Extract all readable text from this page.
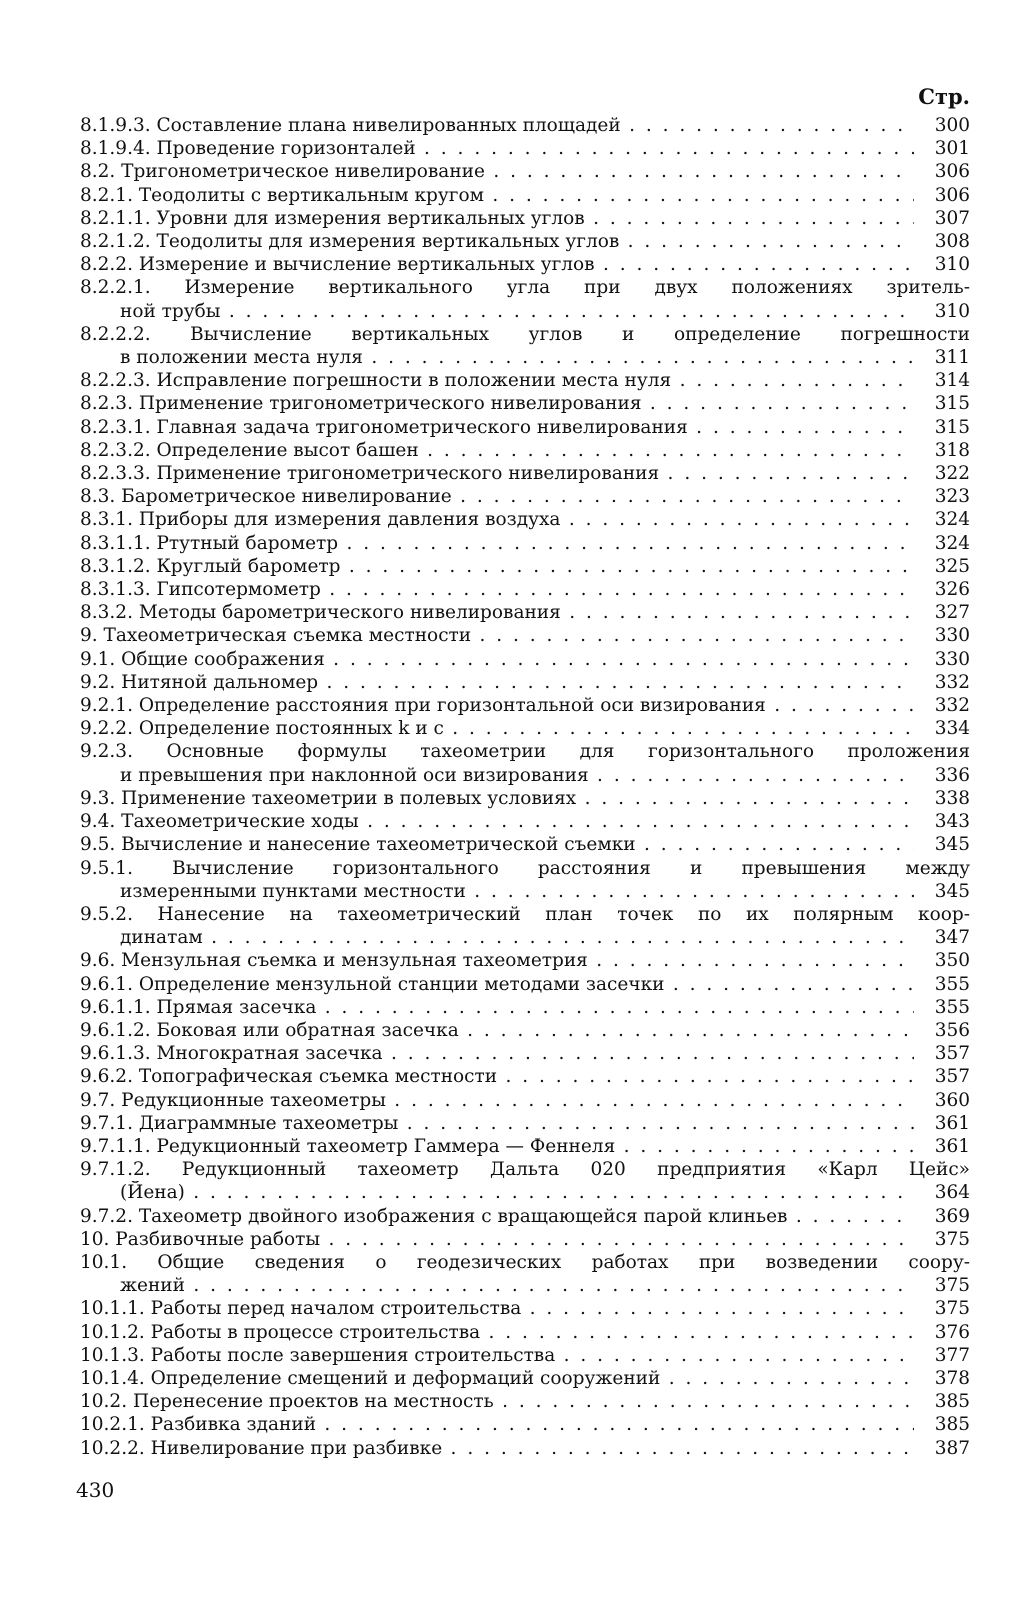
Стр.
8.1.9.3. Составление плана нивелированных площадей . . .	300
8.1.9.4. Проведение горизонталей . . .	301
8.2. Тригонометрическое нивелирование . . .	306
8.2.1. Теодолиты с вертикальным кругом . . .	306
8.2.1.1. Уровни для измерения вертикальных углов . . .	307
8.2.1.2. Теодолиты для измерения вертикальных углов . . .	308
8.2.2. Измерение и вычисление вертикальных углов . . .	310
8.2.2.1. Измерение вертикального угла при двух положениях зритель-
ной трубы . . .	310
8.2.2.2. Вычисление вертикальных углов и определение погрешности
в положении места нуля . . .	311
8.2.2.3. Исправление погрешности в положении места нуля . . .	314
8.2.3. Применение тригонометрического нивелирования . . .	315
8.2.3.1. Главная задача тригонометрического нивелирования . . .	315
8.2.3.2. Определение высот башен . . .	318
8.2.3.3. Применение тригонометрического нивелирования . . .	322
8.3. Барометрическое нивелирование . . .	323
8.3.1. Приборы для измерения давления воздуха . . .	324
8.3.1.1. Ртутный барометр . . .	324
8.3.1.2. Круглый барометр . . .	325
8.3.1.3. Гипсотермометр . . .	326
8.3.2. Методы барометрического нивелирования . . .	327
9. Тахеометрическая съемка местности . . .	330
9.1. Общие соображения . . .	330
9.2. Нитяной дальномер . . .	332
9.2.1. Определение расстояния при горизонтальной оси визирования . . .	332
9.2.2. Определение постоянных k и c . . .	334
9.2.3. Основные формулы тахеометрии для горизонтального проложения
и превышения при наклонной оси визирования . . .	336
9.3. Применение тахеометрии в полевых условиях . . .	338
9.4. Тахеометрические ходы . . .	343
9.5. Вычисление и нанесение тахеометрической съемки . . .	345
9.5.1. Вычисление горизонтального расстояния и превышения между
измеренными пунктами местности . . .	345
9.5.2. Нанесение на тахеометрический план точек по их полярным коор-
динатам . . .	347
9.6. Мензульная съемка и мензульная тахеометрия . . .	350
9.6.1. Определение мензульной станции методами засечки . . .	355
9.6.1.1. Прямая засечка . . .	355
9.6.1.2. Боковая или обратная засечка . . .	356
9.6.1.3. Многократная засечка . . .	357
9.6.2. Топографическая съемка местности . . .	357
9.7. Редукционные тахеометры . . .	360
9.7.1. Диаграммные тахеометры . . .	361
9.7.1.1. Редукционный тахеометр Гаммера — Феннеля . . .	361
9.7.1.2. Редукционный тахеометр Дальта 020 предприятия «Карл Цейс»
(Йена) . . .	364
9.7.2. Тахеометр двойного изображения с вращающейся парой клиньев . . .	369
10. Разбивочные работы . . .	375
10.1. Общие сведения о геодезических работах при возведении соору-
жений . . .	375
10.1.1. Работы перед началом строительства . . .	375
10.1.2. Работы в процессе строительства . . .	376
10.1.3. Работы после завершения строительства . . .	377
10.1.4. Определение смещений и деформаций сооружений . . .	378
10.2. Перенесение проектов на местность . . .	385
10.2.1. Разбивка зданий . . .	385
10.2.2. Нивелирование при разбивке . . .	387
430
